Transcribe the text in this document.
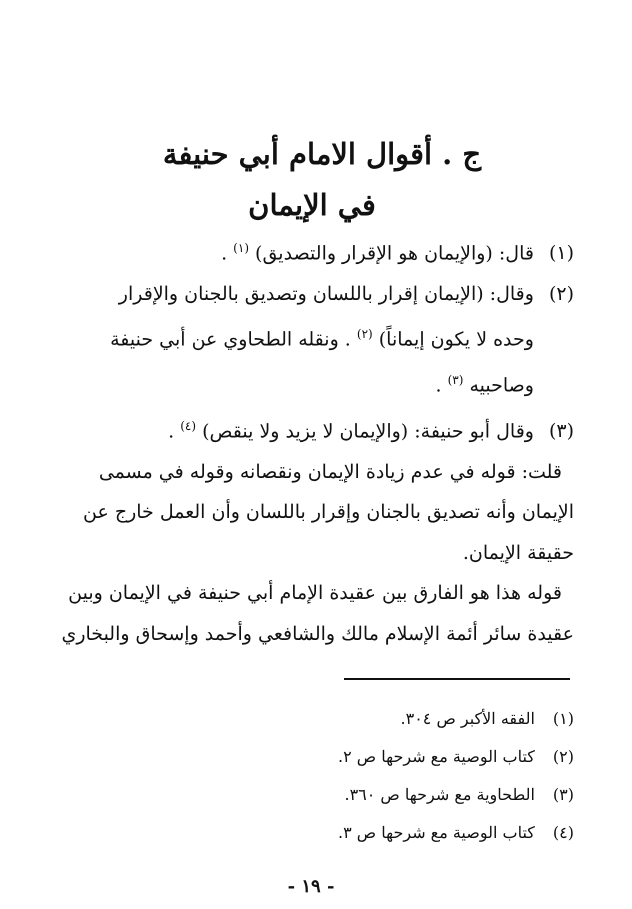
ج . أقوال الامام أبي حنيفة
في الإيمان
(١) قال: (والإيمان هو الإقرار والتصديق) $^{(١)}$ .
(٢) وقال: (الإيمان إقرار باللسان وتصديق بالجنان والإقرار
وحده لا يكون إيماناً) $^{(٢)}$ . ونقله الطحاوي عن أبي حنيفة
وصاحبيه $^{(٣)}$ .
(٣) وقال أبو حنيفة: (والإيمان لا يزيد ولا ينقص) $^{(٤)}$ .
قلت: قوله في عدم زيادة الإيمان ونقصانه وقوله في مسمى
الإيمان وأنه تصديق بالجنان وإقرار باللسان وأن العمل خارج عن
حقيقة الإيمان.
قوله هذا هو الفارق بين عقيدة الإمام أبي حنيفة في الإيمان وبين
عقيدة سائر أئمة الإسلام مالك والشافعي وأحمد وإسحاق والبخاري
(١) الفقه الأكبر ص ٣٠٤.
(٢) كتاب الوصية مع شرحها ص ٢.
(٣) الطحاوية مع شرحها ص ٣٦٠.
(٤) كتاب الوصية مع شرحها ص ٣.
- ١٩ -
